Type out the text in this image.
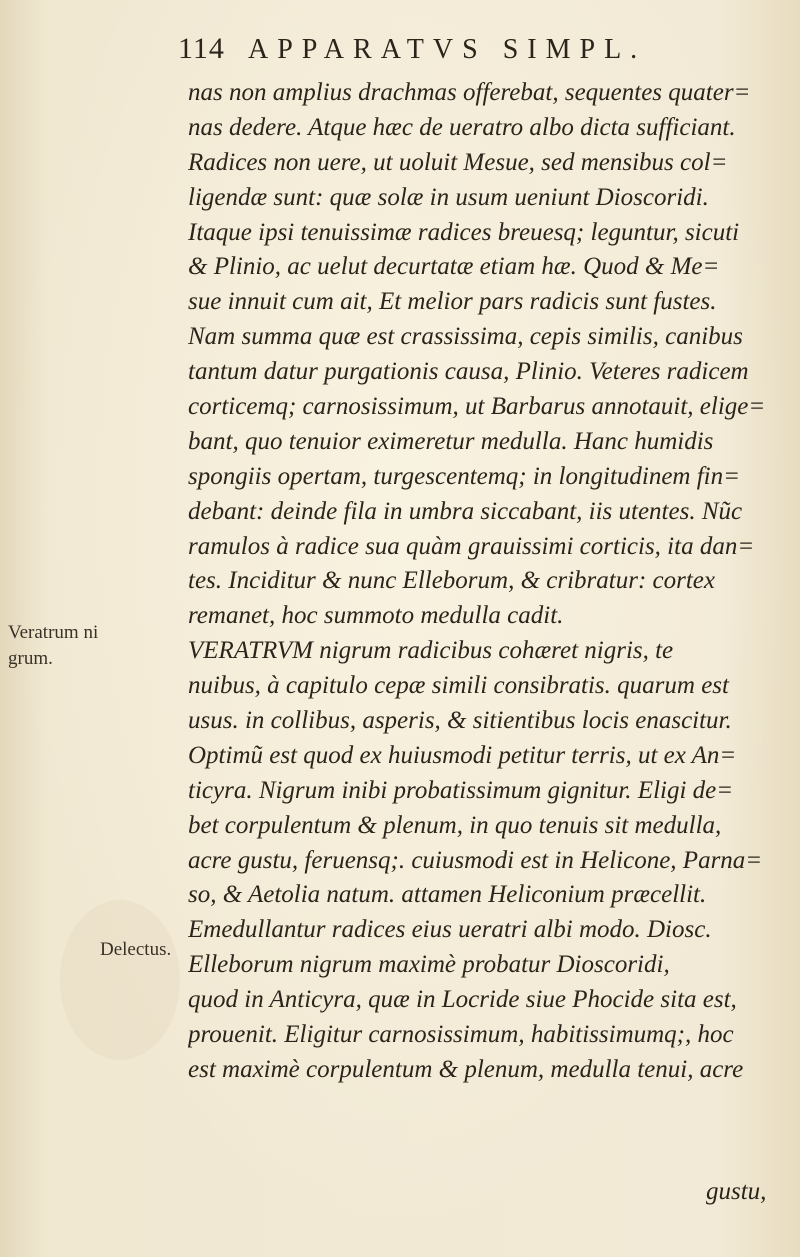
114 APPARATVS SIMPL.
nas non amplius drachmas offerebat, sequentes quater=
nas dedere. Atque hæc de ueratro albo dicta sufficiant.
Radices non uere, ut uoluit Mesue, sed mensibus col=
ligendæ sunt: quæ solæ in usum ueniunt Dioscoridi.
Itaque ipsi tenuissimæ radices breuesq; leguntur, sicuti
& Plinio, ac uelut decurtatæ etiam hæ. Quod & Me=
sue innuit cum ait, Et melior pars radicis sunt fustes.
Nam summa quæ est crassissima, cepis similis, canibus
tantum datur purgationis causa, Plinio. Veteres radicem
corticemq; carnosissimum, ut Barbarus annotauit, elige=
bant, quo tenuior eximeretur medulla. Hanc humidis
spongiis opertam, turgescentemq; in longitudinem fin=
debant: deinde fila in umbra siccabant, iis utentes. Nũc
ramulos à radice sua quàm grauissimi corticis, ita dan=
tes. Inciditur & nunc Elleborum, & cribratur: cortex
remanet, hoc summoto medulla cadit.
VERATRVM nigrum radicibus cohæret nigris, te
nuibus, à capitulo cepæ simili consibratis. quarum est
usus. in collibus, asperis, & sitientibus locis enascitur.
Optimũ est quod ex huiusmodi petitur terris, ut ex An=
ticyra. Nigrum inibi probatissimum gignitur. Eligi de=
bet corpulentum & plenum, in quo tenuis sit medulla,
acre gustu, feruensq;. cuiusmodi est in Helicone, Parna=
so, & Aetolia natum. attamen Heliconium præcellit.
Emedullantur radices eius ueratri albi modo. Diosc.
Elleborum nigrum maximè probatur Dioscoridi,
quod in Anticyra, quæ in Locride siue Phocide sita est,
prouenit. Eligitur carnosissimum, habitissimumq;, hoc
est maximè corpulentum & plenum, medulla tenui, acre
Veratrum ni
grum.
Delectus.
gustu,
